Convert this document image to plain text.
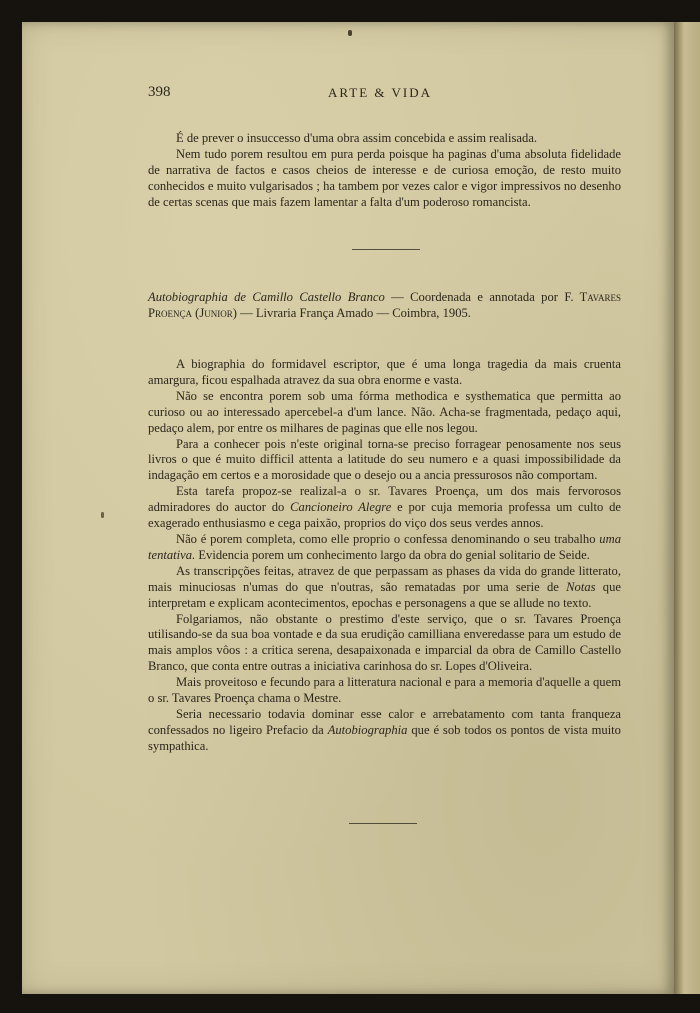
398	ARTE & VIDA

É de prever o insuccesso d'uma obra assim concebida e assim realisada.

Nem tudo porem resultou em pura perda poisque ha paginas d'uma absoluta fidelidade de narrativa de factos e casos cheios de interesse e de curiosa emoção, de resto muito conhecidos e muito vulgarisados ; ha tambem por vezes calor e vigor impressivos no desenho de certas scenas que mais fazem lamentar a falta d'um poderoso romancista.

Autobiographia de Camillo Castello Branco — Coordenada e annotada por F. Tavares Proença (Junior) — Livraria França Amado — Coimbra, 1905.

A biographia do formidavel escriptor, que é uma longa tragedia da mais cruenta amargura, ficou espalhada atravez da sua obra enorme e vasta.

Não se encontra porem sob uma fórma methodica e systhematica que permitta ao curioso ou ao interessado apercebel-a d'um lance. Não. Acha-se fragmentada, pedaço aqui, pedaço alem, por entre os milhares de paginas que elle nos legou.

Para a conhecer pois n'este original torna-se preciso forragear penosamente nos seus livros o que é muito difficil attenta a latitude do seu numero e a quasi impossibilidade da indagação em certos e a morosidade que o desejo ou a ancia pressurosos não comportam.

Esta tarefa propoz-se realizal-a o sr. Tavares Proença, um dos mais fervorosos admiradores do auctor do Cancioneiro Alegre e por cuja memoria professa um culto de exagerado enthusiasmo e cega paixão, proprios do viço dos seus verdes annos.

Não é porem completa, como elle proprio o confessa denominando o seu trabalho uma tentativa. Evidencia porem um conhecimento largo da obra do genial solitario de Seide.

As transcripções feitas, atravez de que perpassam as phases da vida do grande litterato, mais minuciosas n'umas do que n'outras, são rematadas por uma serie de Notas que interpretam e explicam acontecimentos, epochas e personagens a que se allude no texto.

Folgariamos, não obstante o prestimo d'este serviço, que o sr. Tavares Proença utilisando-se da sua boa vontade e da sua erudição camilliana enveredasse para um estudo de mais amplos vôos : a critica serena, desapaixonada e imparcial da obra de Camillo Castello Branco, que conta entre outras a iniciativa carinhosa do sr. Lopes d'Oliveira.

Mais proveitoso e fecundo para a litteratura nacional e para a memoria d'aquelle a quem o sr. Tavares Proença chama o Mestre.

Seria necessario todavia dominar esse calor e arrebatamento com tanta franqueza confessados no ligeiro Prefacio da Autobiographia que é sob todos os pontos de vista muito sympathica.
